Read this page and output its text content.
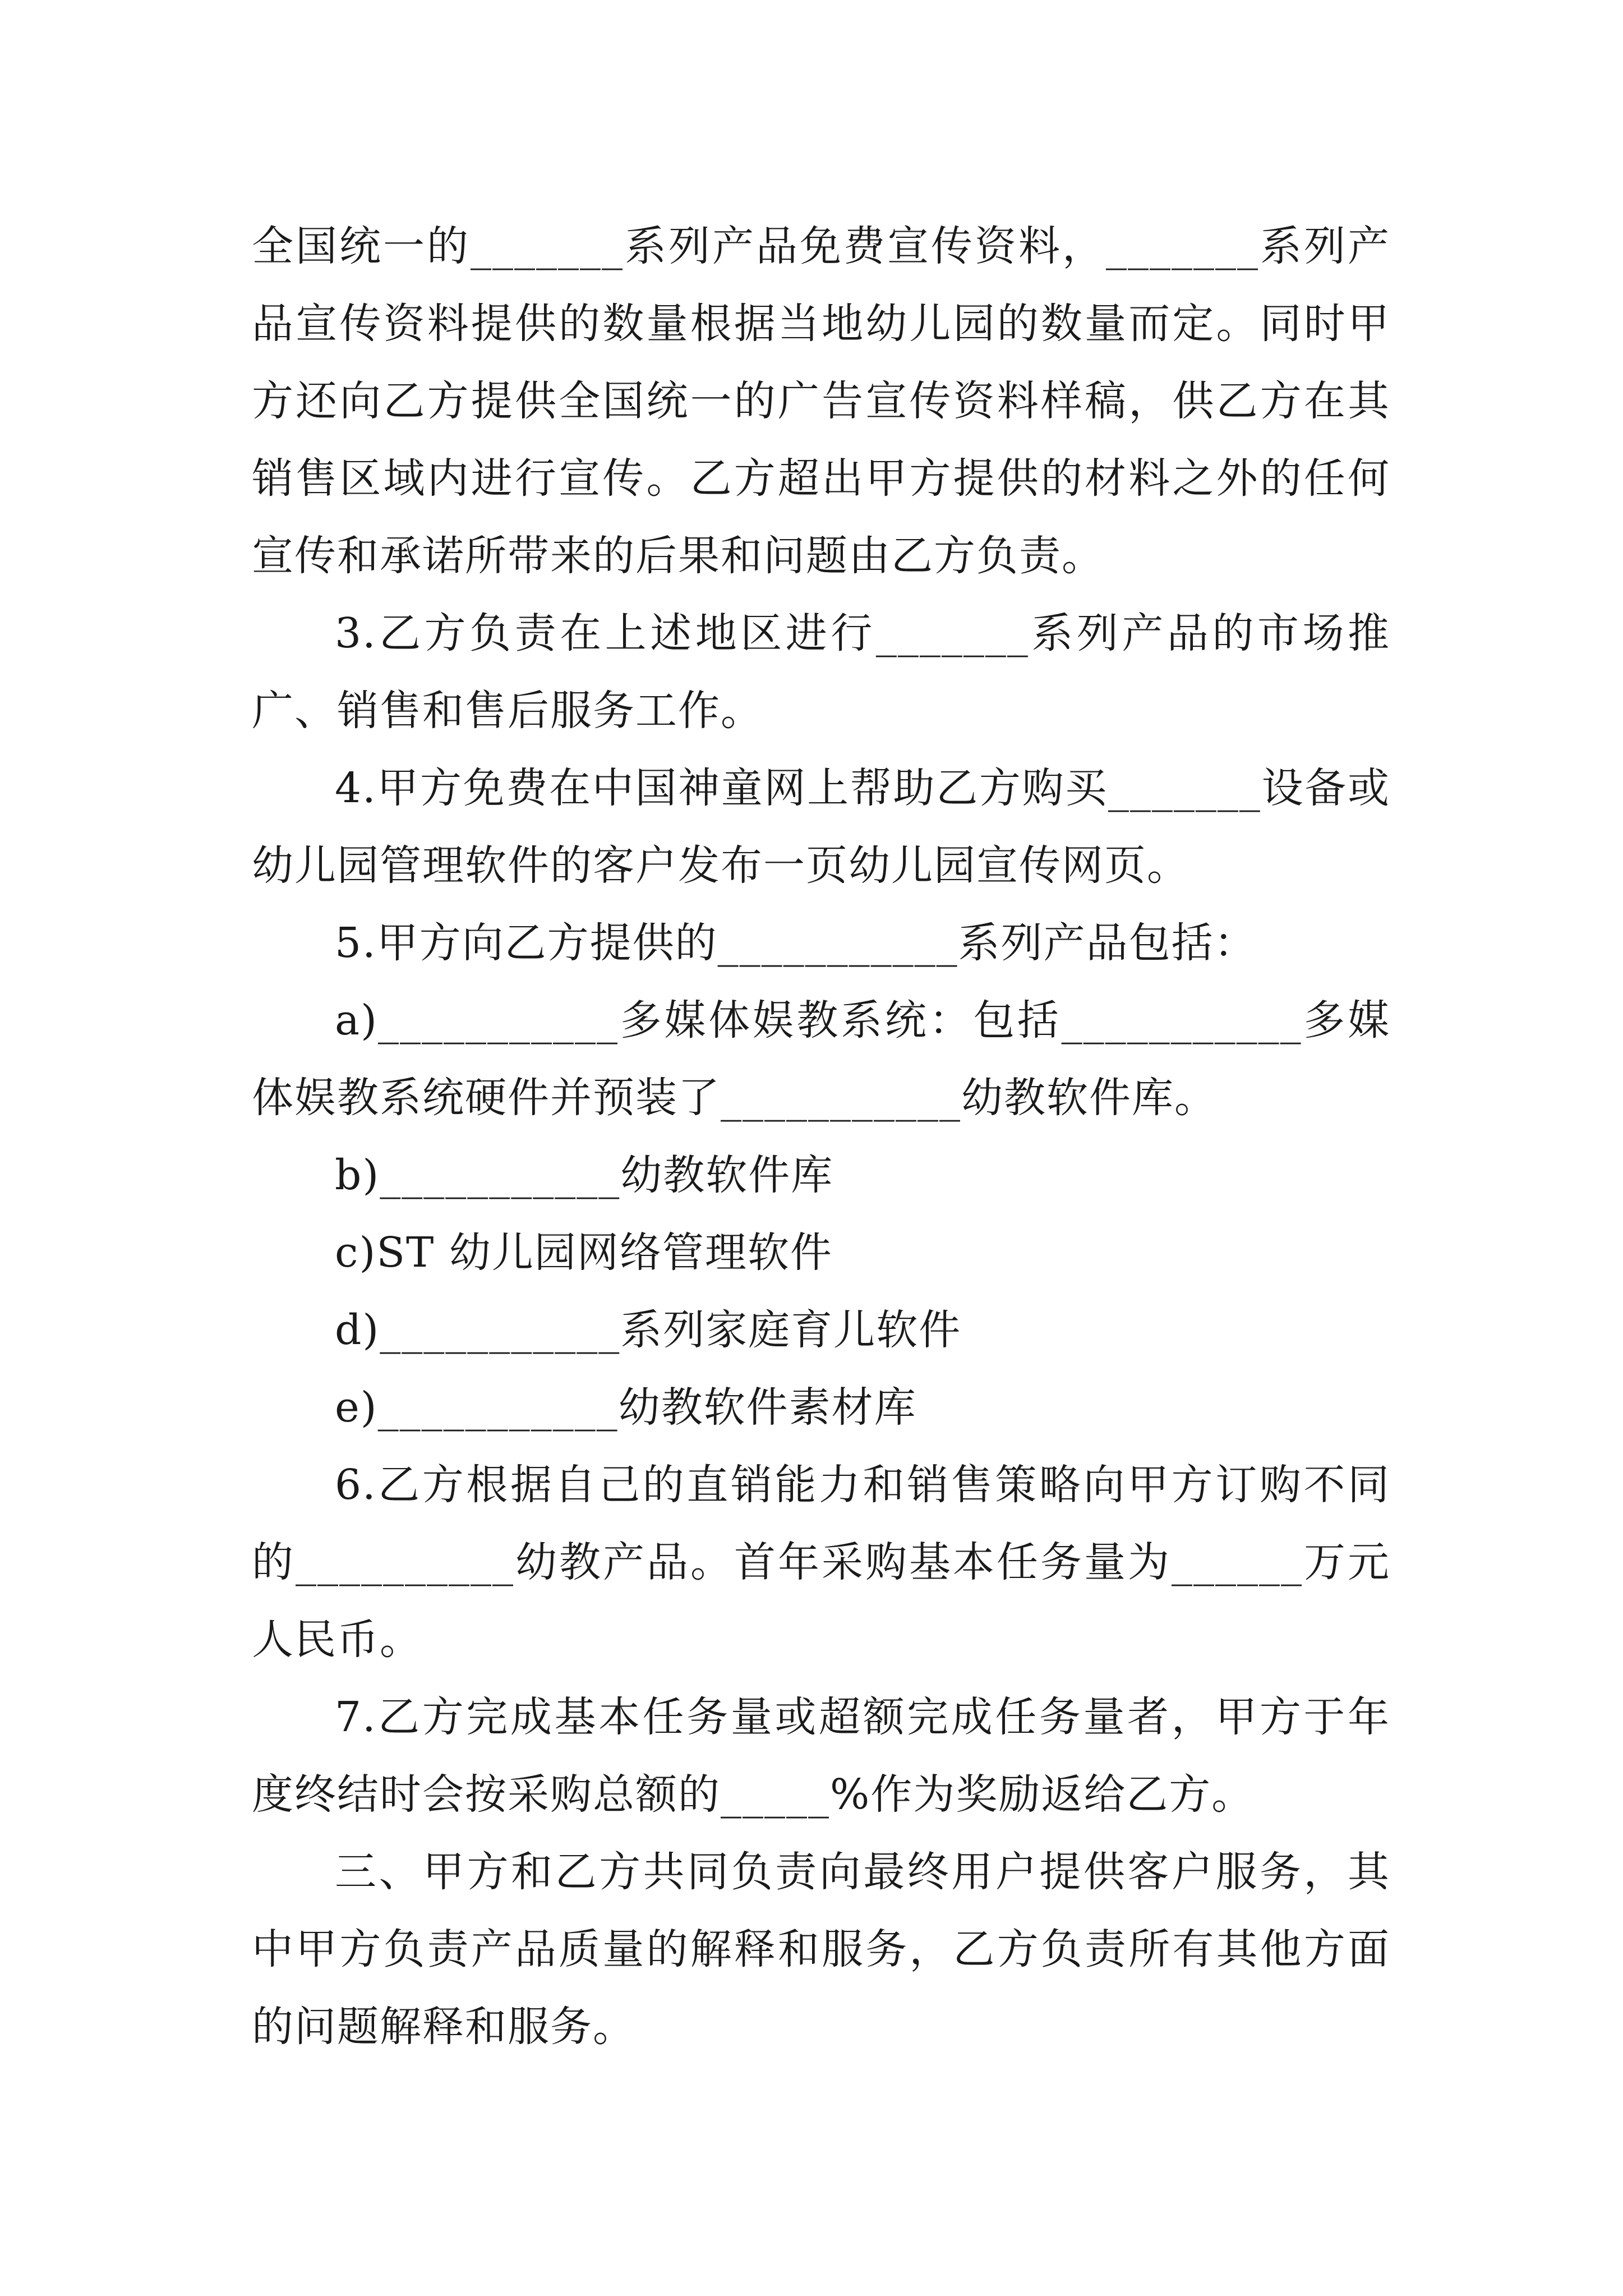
全国统一的_______系列产品免费宣传资料，_______系列产品宣传资料提供的数量根据当地幼儿园的数量而定。同时甲方还向乙方提供全国统一的广告宣传资料样稿，供乙方在其销售区域内进行宣传。乙方超出甲方提供的材料之外的任何宣传和承诺所带来的后果和问题由乙方负责。

3.乙方负责在上述地区进行_______系列产品的市场推广、销售和售后服务工作。

4.甲方免费在中国神童网上帮助乙方购买_______设备或幼儿园管理软件的客户发布一页幼儿园宣传网页。

5.甲方向乙方提供的___________系列产品包括：

a)___________多媒体娱教系统：包括___________多媒体娱教系统硬件并预装了___________幼教软件库。

b)___________幼教软件库

c)ST 幼儿园网络管理软件

d)___________系列家庭育儿软件

e)___________幼教软件素材库

6.乙方根据自己的直销能力和销售策略向甲方订购不同的__________幼教产品。首年采购基本任务量为______万元人民币。

7.乙方完成基本任务量或超额完成任务量者，甲方于年度终结时会按采购总额的_____%作为奖励返给乙方。

三、甲方和乙方共同负责向最终用户提供客户服务，其中甲方负责产品质量的解释和服务，乙方负责所有其他方面的问题解释和服务。
